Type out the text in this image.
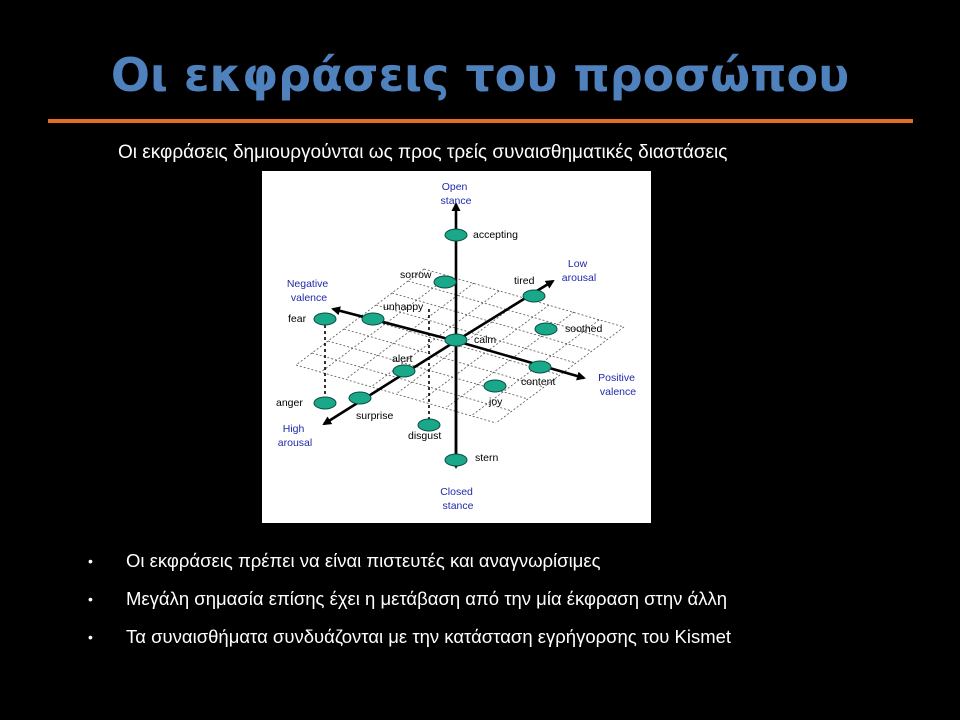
Οι εκφράσεις του προσώπου
Οι εκφράσεις δημιουργούνται ως προς τρείς συναισθηματικές διαστάσεις
Open stance
Closed stance
Low arousal
High arousal
Negative valence
Positive valence
accepting
sorrow	tired
unhappy
fear
soothed
calm
alert
content
anger
surprise
joy
disgust
stern
• Οι εκφράσεις πρέπει να είναι πιστευτές και αναγνωρίσιμες
• Μεγάλη σημασία επίσης έχει η μετάβαση από την μία έκφραση στην άλλη
• Τα συναισθήματα συνδυάζονται με την κατάσταση εγρήγορσης του Kismet
